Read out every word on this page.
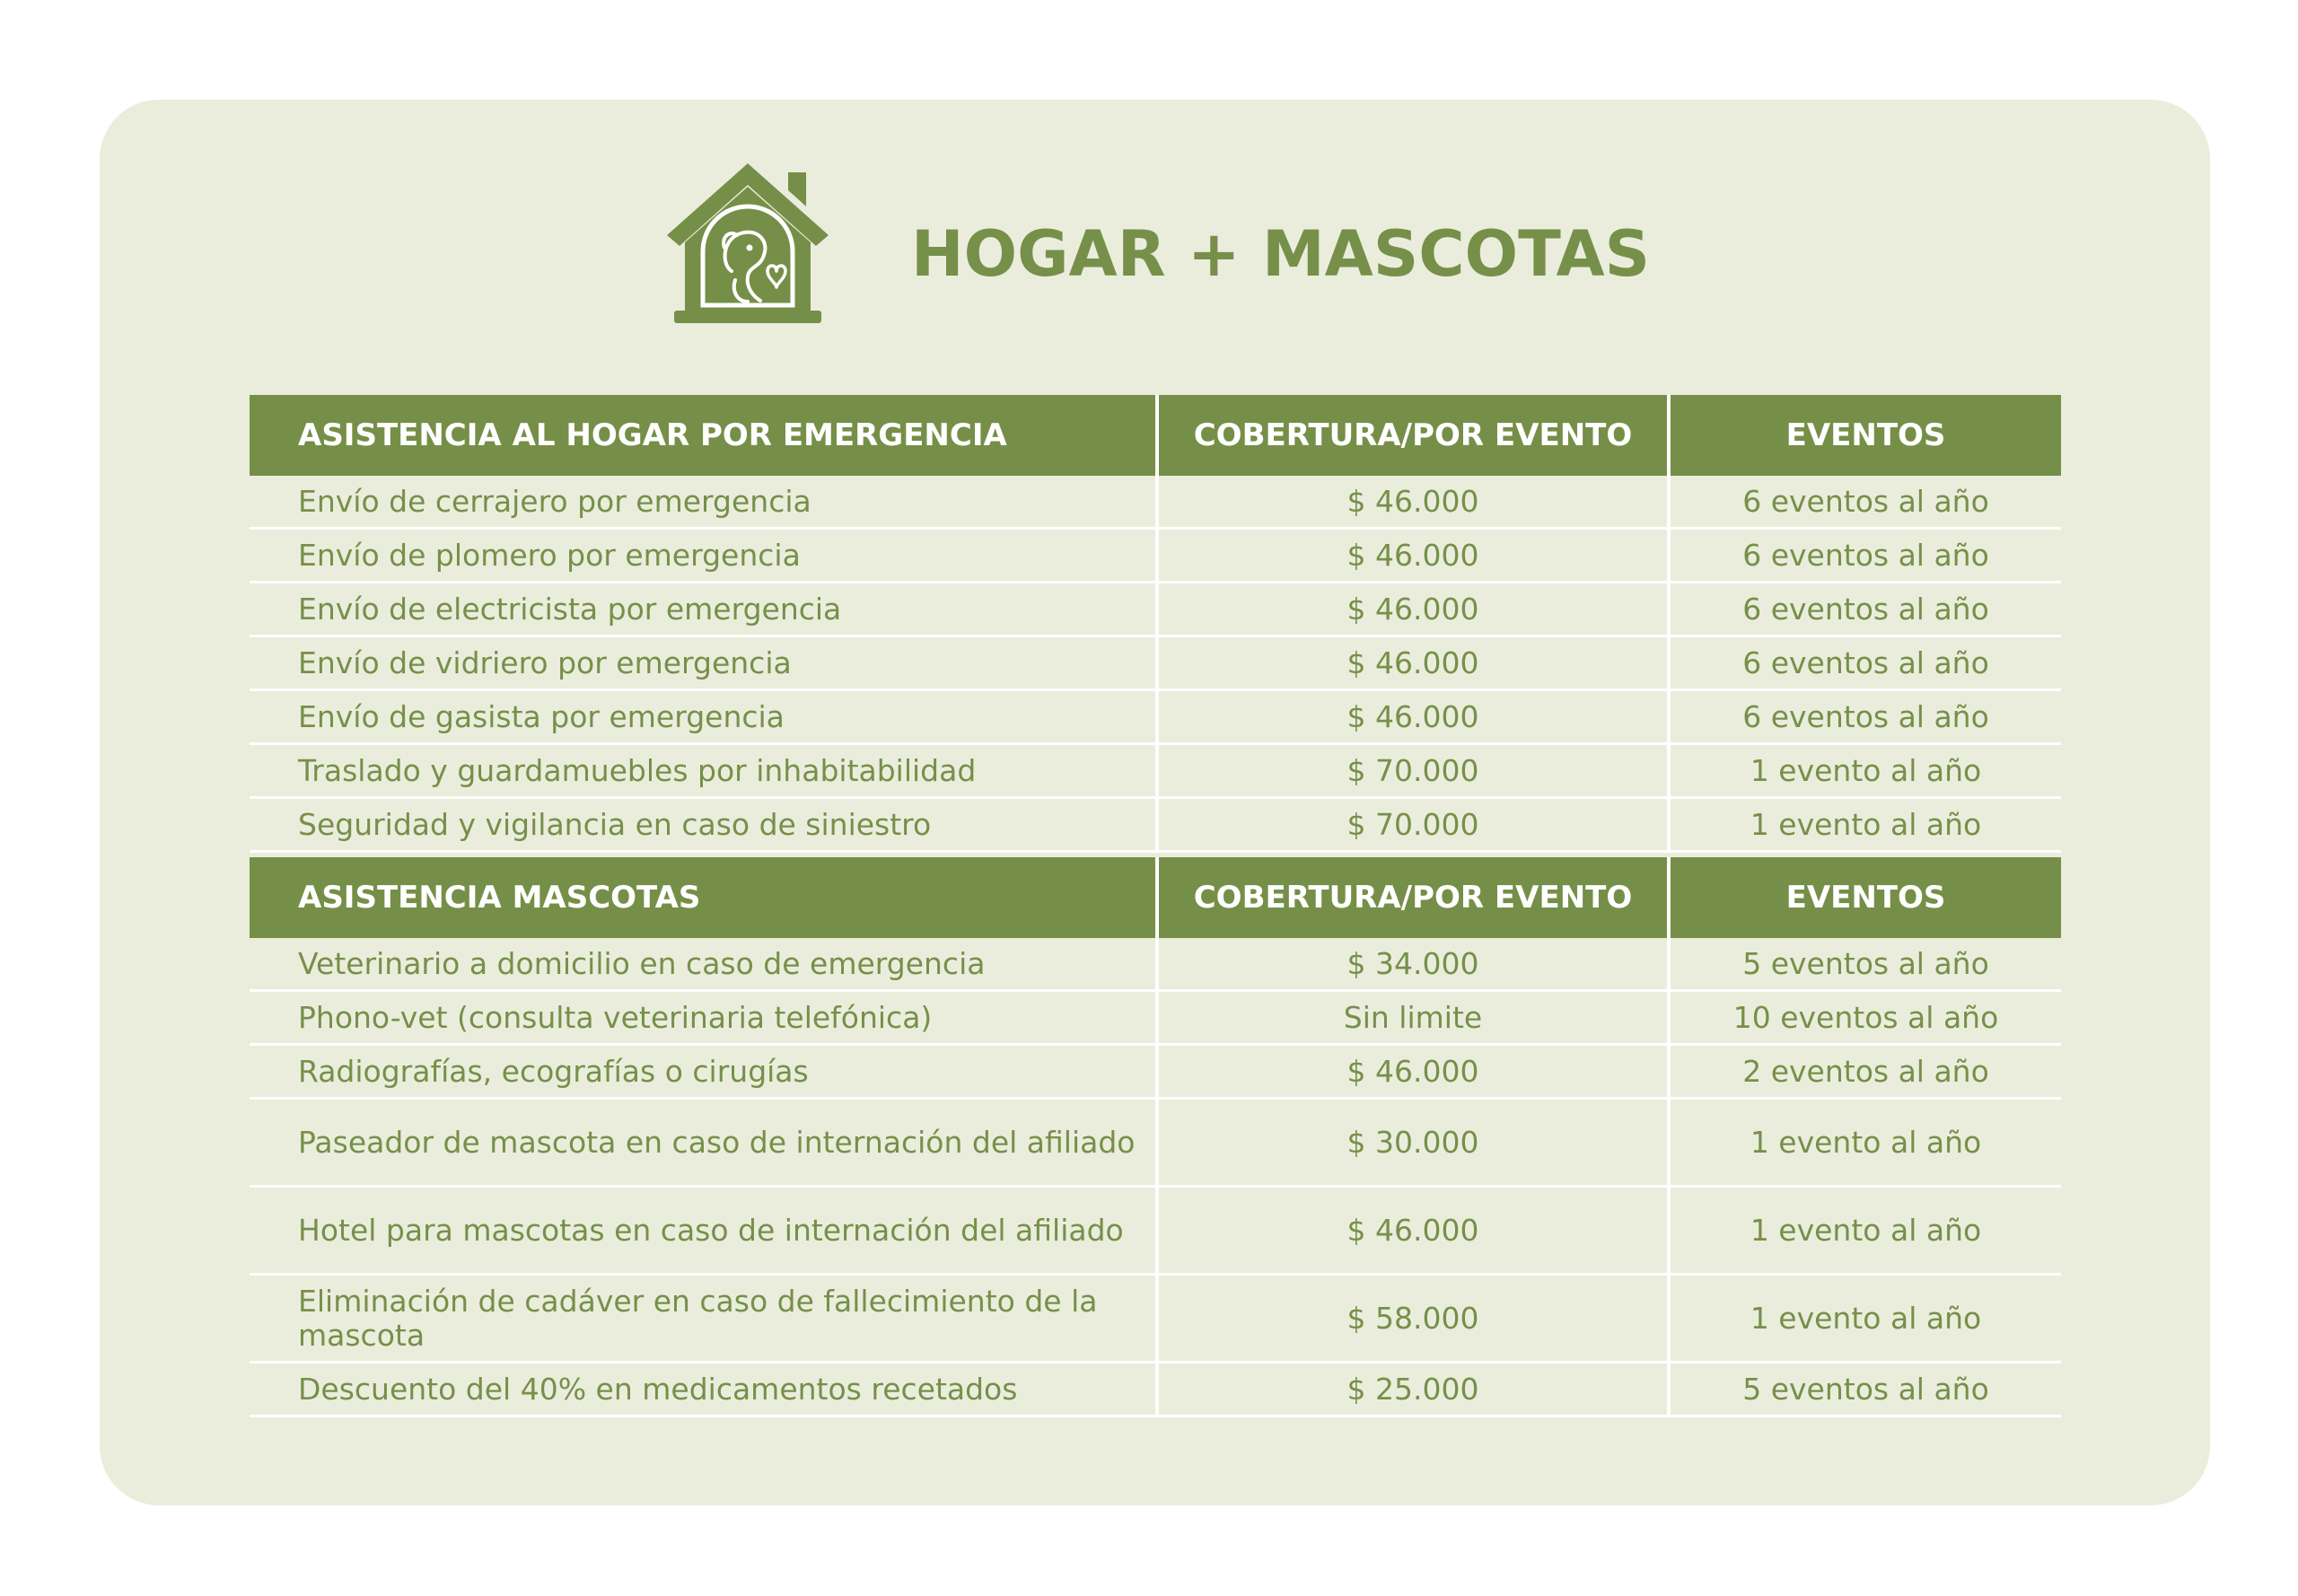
HOGAR + MASCOTAS
ASISTENCIA AL HOGAR POR EMERGENCIA	COBERTURA/POR EVENTO	EVENTOS
Envío de cerrajero por emergencia	$ 46.000	6 eventos al año
Envío de plomero por emergencia	$ 46.000	6 eventos al año
Envío de electricista por emergencia	$ 46.000	6 eventos al año
Envío de vidriero por emergencia	$ 46.000	6 eventos al año
Envío de gasista por emergencia	$ 46.000	6 eventos al año
Traslado y guardamuebles por inhabitabilidad	$ 70.000	1 evento al año
Seguridad y vigilancia en caso de siniestro	$ 70.000	1 evento al año
ASISTENCIA MASCOTAS	COBERTURA/POR EVENTO	EVENTOS
Veterinario a domicilio en caso de emergencia	$ 34.000	5 eventos al año
Phono-vet (consulta veterinaria telefónica)	Sin limite	10 eventos al año
Radiografías, ecografías o cirugías	$ 46.000	2 eventos al año
Paseador de mascota en caso de internación del afiliado	$ 30.000	1 evento al año
Hotel para mascotas en caso de internación del afiliado	$ 46.000	1 evento al año
Eliminación de cadáver en caso de fallecimiento de la mascota	$ 58.000	1 evento al año
Descuento del 40% en medicamentos recetados	$ 25.000	5 eventos al año
